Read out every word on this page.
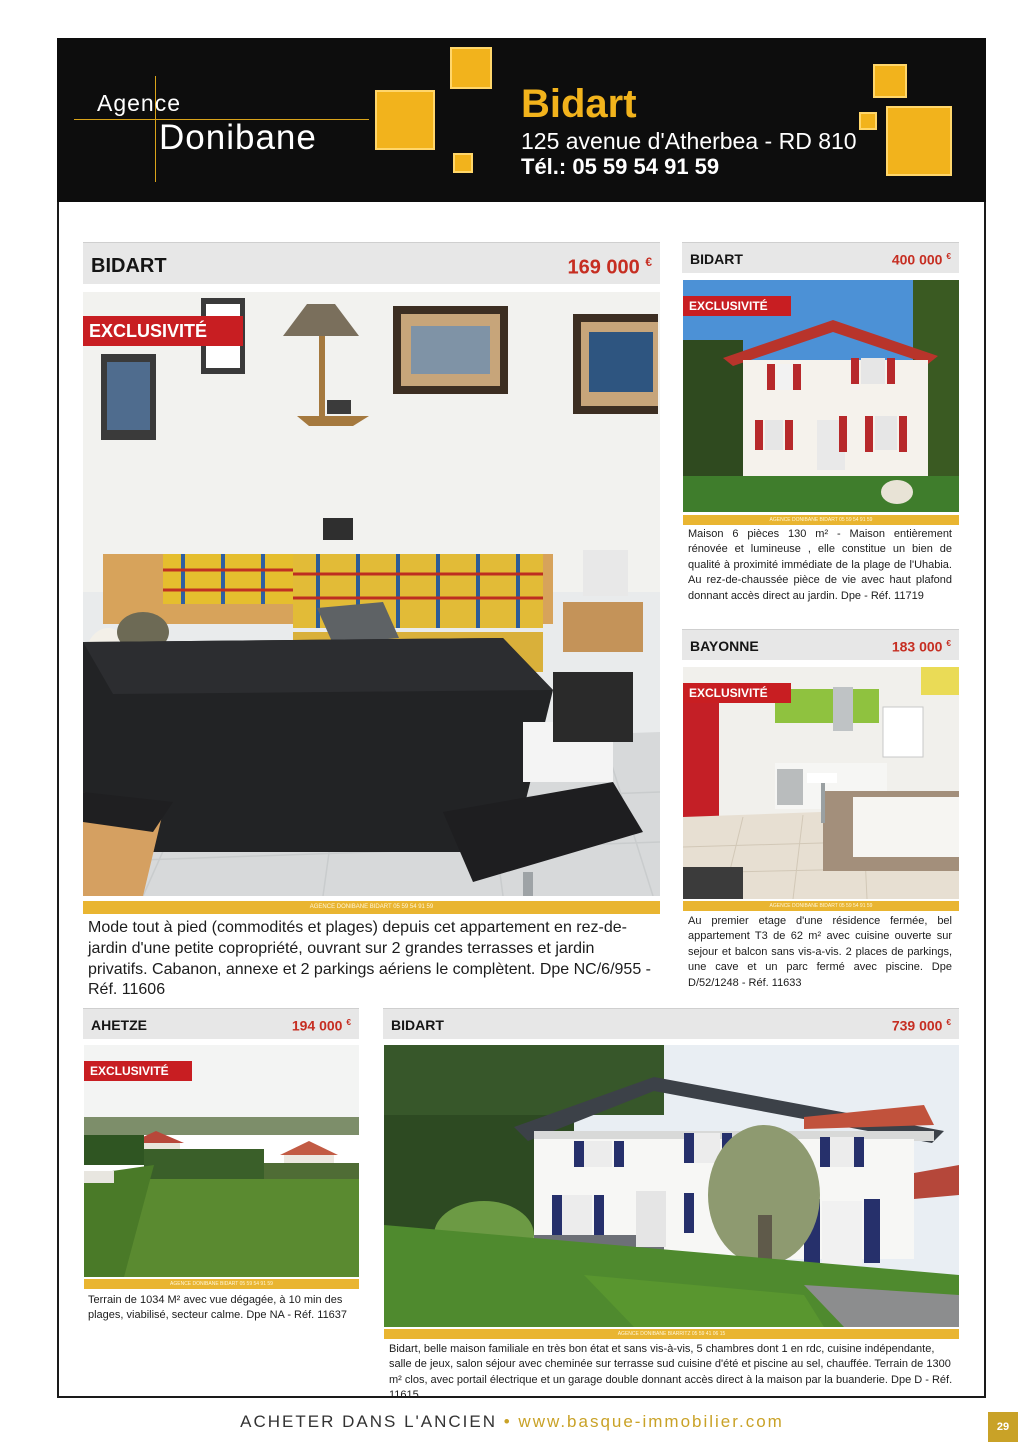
Agence
Donibane
Bidart
125 avenue d'Atherbea - RD 810
Tél.: 05 59 54 91 59
BIDART	169 000 €
EXCLUSIVITÉ
AGENCE DONIBANE BIDART 05 59 54 91 59
Mode tout à pied (commodités et plages) depuis cet appartement en rez-de-jardin d'une petite copropriété, ouvrant sur 2 grandes terrasses et jardin privatifs. Cabanon, annexe et 2 parkings aériens le complètent. Dpe NC/6/955 - Réf. 11606
BIDART	400 000 €
EXCLUSIVITÉ
AGENCE DONIBANE BIDART 05 59 54 91 59
Maison 6 pièces 130 m² - Maison entièrement rénovée et lumineuse , elle constitue un bien de qualité à proximité immédiate de la plage de l'Uhabia. Au rez-de-chaussée pièce de vie avec haut plafond donnant accès direct au jardin. Dpe - Réf. 11719
BAYONNE	183 000 €
EXCLUSIVITÉ
AGENCE DONIBANE BIDART 05 59 54 91 59
Au premier etage d'une résidence fermée, bel appartement T3 de 62 m² avec cuisine ouverte sur sejour et balcon sans vis-a-vis. 2 places de parkings, une cave et un parc fermé avec piscine. Dpe D/52/1248 - Réf. 11633
AHETZE	194 000 €
EXCLUSIVITÉ
AGENCE DONIBANE BIDART 05 59 54 91 59
Terrain de 1034 M² avec vue dégagée, à 10 min des plages, viabilisé, secteur calme. Dpe NA - Réf. 11637
BIDART	739 000 €
AGENCE DONIBANE BIARRITZ 05 59 41 06 15
Bidart, belle maison familiale en très bon état et sans vis-à-vis, 5 chambres dont 1 en rdc, cuisine indépendante, salle de jeux, salon séjour avec cheminée sur terrasse sud cuisine d'été et piscine au sel, chauffée. Terrain de 1300 m² clos, avec portail électrique et un garage double donnant accès direct à la maison par la buanderie. Dpe D - Réf. 11615
ACHETER DANS L'ANCIEN • www.basque-immobilier.com	29
